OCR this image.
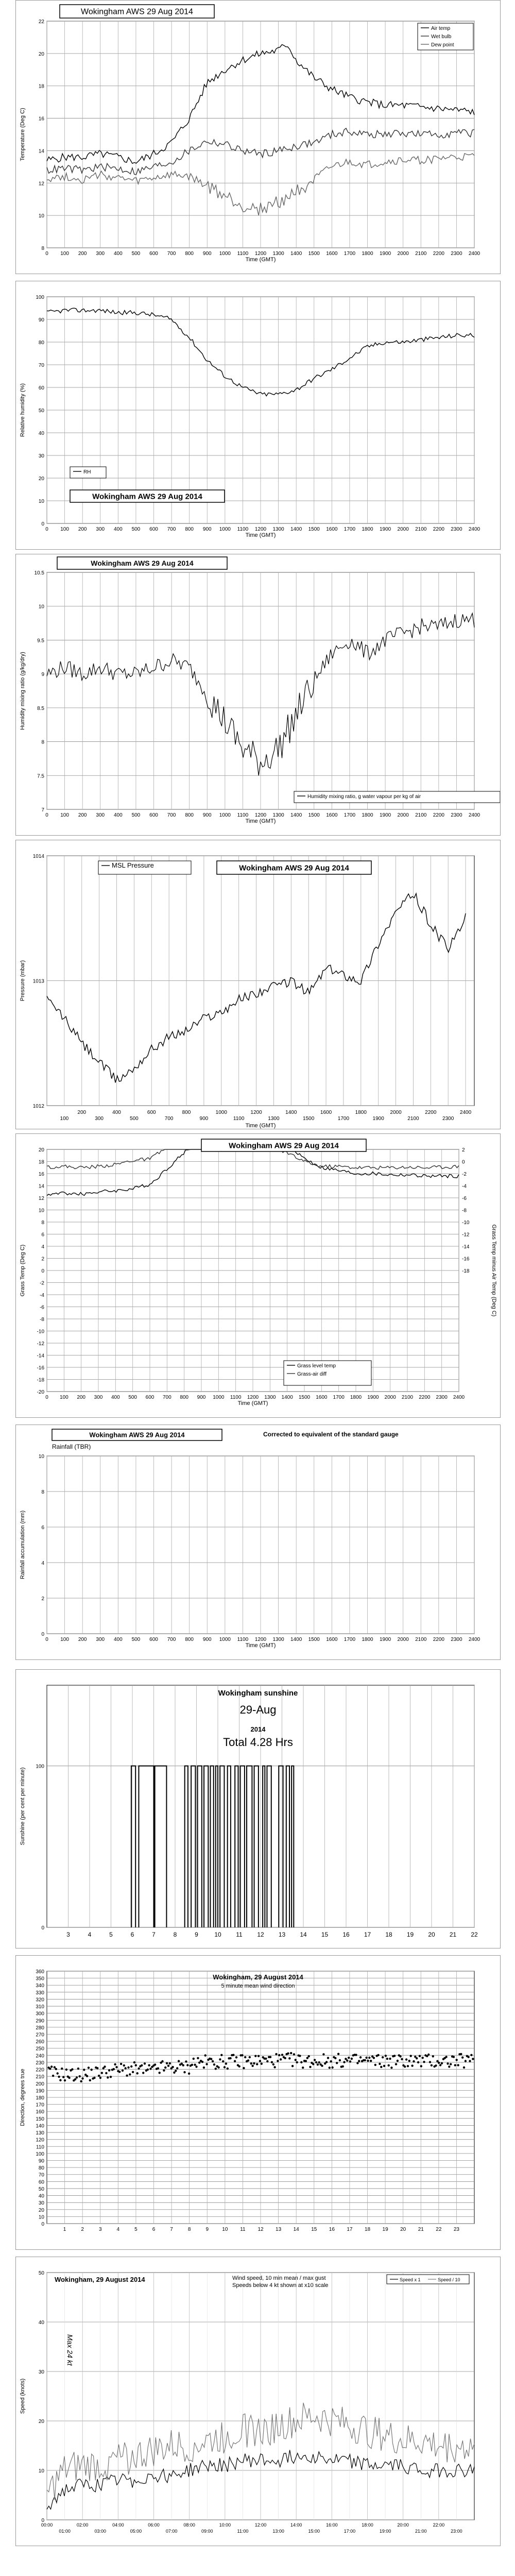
8
10
12
14
16
18
20
22
0 100 200 300 400 500 600 700 800 900 1000 1100 1200 1300 1400 1500 1600 1700 1800 1900 2000 2100 2200 2300 2400
Time (GMT)
Temperature (Deg C)
Wokingham AWS 29 Aug 2014
Air temp
Wet bulb
Dew point
0
10
20
30
40
50
60
70
80
90
100
0 100 200 300 400 500 600 700 800 900 1000 1100 1200 1300 1400 1500 1600 1700 1800 1900 2000 2100 2200 2300 2400
Time (GMT)
Relative humidity (%)
Wokingham AWS 29 Aug 2014
RH
7
7.5
8
8.5
9
9.5
10
10.5
0 100 200 300 400 500 600 700 800 900 1000 1100 1200 1300 1400 1500 1600 1700 1800 1900 2000 2100 2200 2300 2400
Time (GMT)
Humidity mixing ratio (g/kg/dry)
Wokingham AWS 29 Aug 2014
Humidity mixing ratio, g water vapour per kg of air
1012
1013
1014
100
200
300
400
500
600
700
800
900
1000
1100
1200
1300
1400
1500
1600
1700
1800
1900
2000
2100
2200
2300
2400
Time (GMT)
Pressure (mbar)
Wokingham AWS 29 Aug 2014
MSL Pressure
-20
-18
-16
-14
-12
-10
-8
-6
-4
-2
0
2
4
6
8
10
12
14
16
18
20
0 100 200 300 400 500 600 700 800 900 1000 1100 1200 1300 1400 1500 1600 1700 1800 1900 2000 2100 2200 2300 2400
Time (GMT)
Grass Temp (Deg C)	-18
-16
-14
-12
-10
-8
-6
-4
-2
0
2
Grass Temp minus Air Temp (Deg C)
Wokingham AWS 29 Aug 2014
Grass level temp
Grass-air diff
0
2
4
6
8
10
0 100 200 300 400 500 600 700 800 900 1000 1100 1200 1300 1400 1500 1600 1700 1800 1900 2000 2100 2200 2300 2400
Time (GMT)
Rainfall accumulation (mm)
Wokingham AWS 29 Aug 2014
Rainfall (TBR)
Corrected to equivalent of the standard gauge
0
100
3	4	5	6	7	8	9	10 11 12 13 14 15 16 17 18 19 20 21 22
Sunshine (per cent per minute)
Wokingham sunshine
29-Aug
2014
Total 4.28 Hrs
0
10
20
30
40
50
60
70
80
90
100
110
120
130
140
150
160
170
180
190
200
210
220
230
240
250
260
270
280
290
300
310
320
330
340
350
360
1	2	3	4	5	6	7	8	9	10 11 12 13 14 15 16 17 18 19 20 21 22 23
Direction, degrees true
Wokingham, 29 August 2014
5 minute mean wind direction
0
10
20
30
40
50
00:00	02:00	04:00	06:00	08:00	10:00	12:00	14:00	16:00	18:00	20:00	22:00
01:00	03:00	05:00	07:00	09:00	11:00	13:00	15:00	17:00	19:00	21:00	23:00
Speed (knots)
Wokingham, 29 August 2014	Wind speed, 10 min mean / max gust
Speeds below 4 kt shown at x10 scale
Speed x 1	Speed / 10
Max 24 kt
